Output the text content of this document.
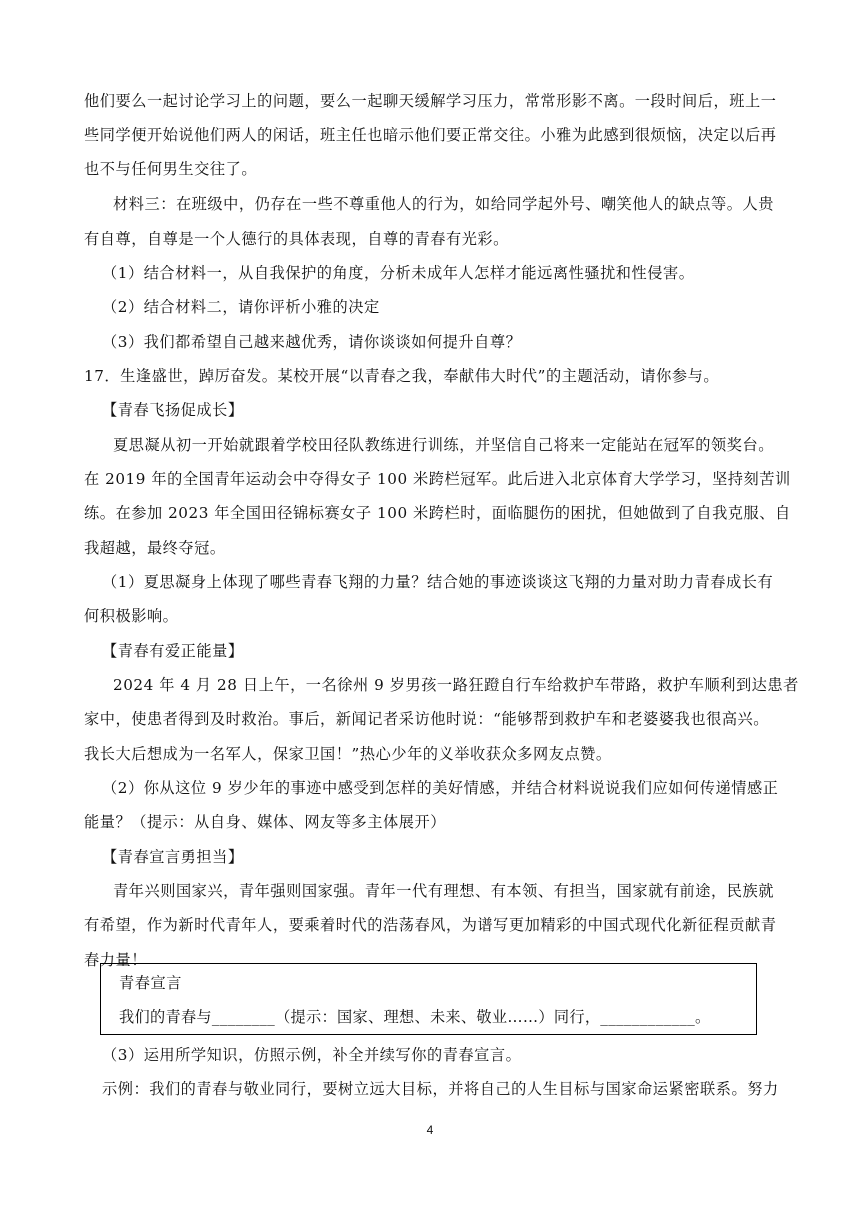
他们要么一起讨论学习上的问题，要么一起聊天缓解学习压力，常常形影不离。一段时间后，班上一
些同学便开始说他们两人的闲话，班主任也暗示他们要正常交往。小雅为此感到很烦恼，决定以后再
也不与任何男生交往了。
材料三：在班级中，仍存在一些不尊重他人的行为，如给同学起外号、嘲笑他人的缺点等。人贵
有自尊，自尊是一个人德行的具体表现，自尊的青春有光彩。
（1）结合材料一，从自我保护的角度，分析未成年人怎样才能远离性骚扰和性侵害。
（2）结合材料二，请你评析小雅的决定
（3）我们都希望自己越来越优秀，请你谈谈如何提升自尊？
17．生逢盛世，踔厉奋发。某校开展“以青春之我，奉献伟大时代”的主题活动，请你参与。
【青春飞扬促成长】
夏思凝从初一开始就跟着学校田径队教练进行训练，并坚信自己将来一定能站在冠军的领奖台。
在 2019 年的全国青年运动会中夺得女子 100 米跨栏冠军。此后进入北京体育大学学习，坚持刻苦训
练。在参加 2023 年全国田径锦标赛女子 100 米跨栏时，面临腿伤的困扰，但她做到了自我克服、自
我超越，最终夺冠。
（1）夏思凝身上体现了哪些青春飞翔的力量？结合她的事迹谈谈这飞翔的力量对助力青春成长有
何积极影响。
【青春有爱正能量】
2024 年 4 月 28 日上午，一名徐州 9 岁男孩一路狂蹬自行车给救护车带路，救护车顺利到达患者
家中，使患者得到及时救治。事后，新闻记者采访他时说：“能够帮到救护车和老婆婆我也很高兴。
我长大后想成为一名军人，保家卫国！”热心少年的义举收获众多网友点赞。
（2）你从这位 9 岁少年的事迹中感受到怎样的美好情感，并结合材料说说我们应如何传递情感正
能量？（提示：从自身、媒体、网友等多主体展开）
【青春宣言勇担当】
青年兴则国家兴，青年强则国家强。青年一代有理想、有本领、有担当，国家就有前途，民族就
有希望，作为新时代青年人，要乘着时代的浩荡春风，为谱写更加精彩的中国式现代化新征程贡献青
春力量！
青春宣言
我们的青春与________（提示：国家、理想、未来、敬业……）同行，____________。
（3）运用所学知识，仿照示例，补全并续写你的青春宣言。
示例：我们的青春与敬业同行，要树立远大目标，并将自己的人生目标与国家命运紧密联系。努力
4
